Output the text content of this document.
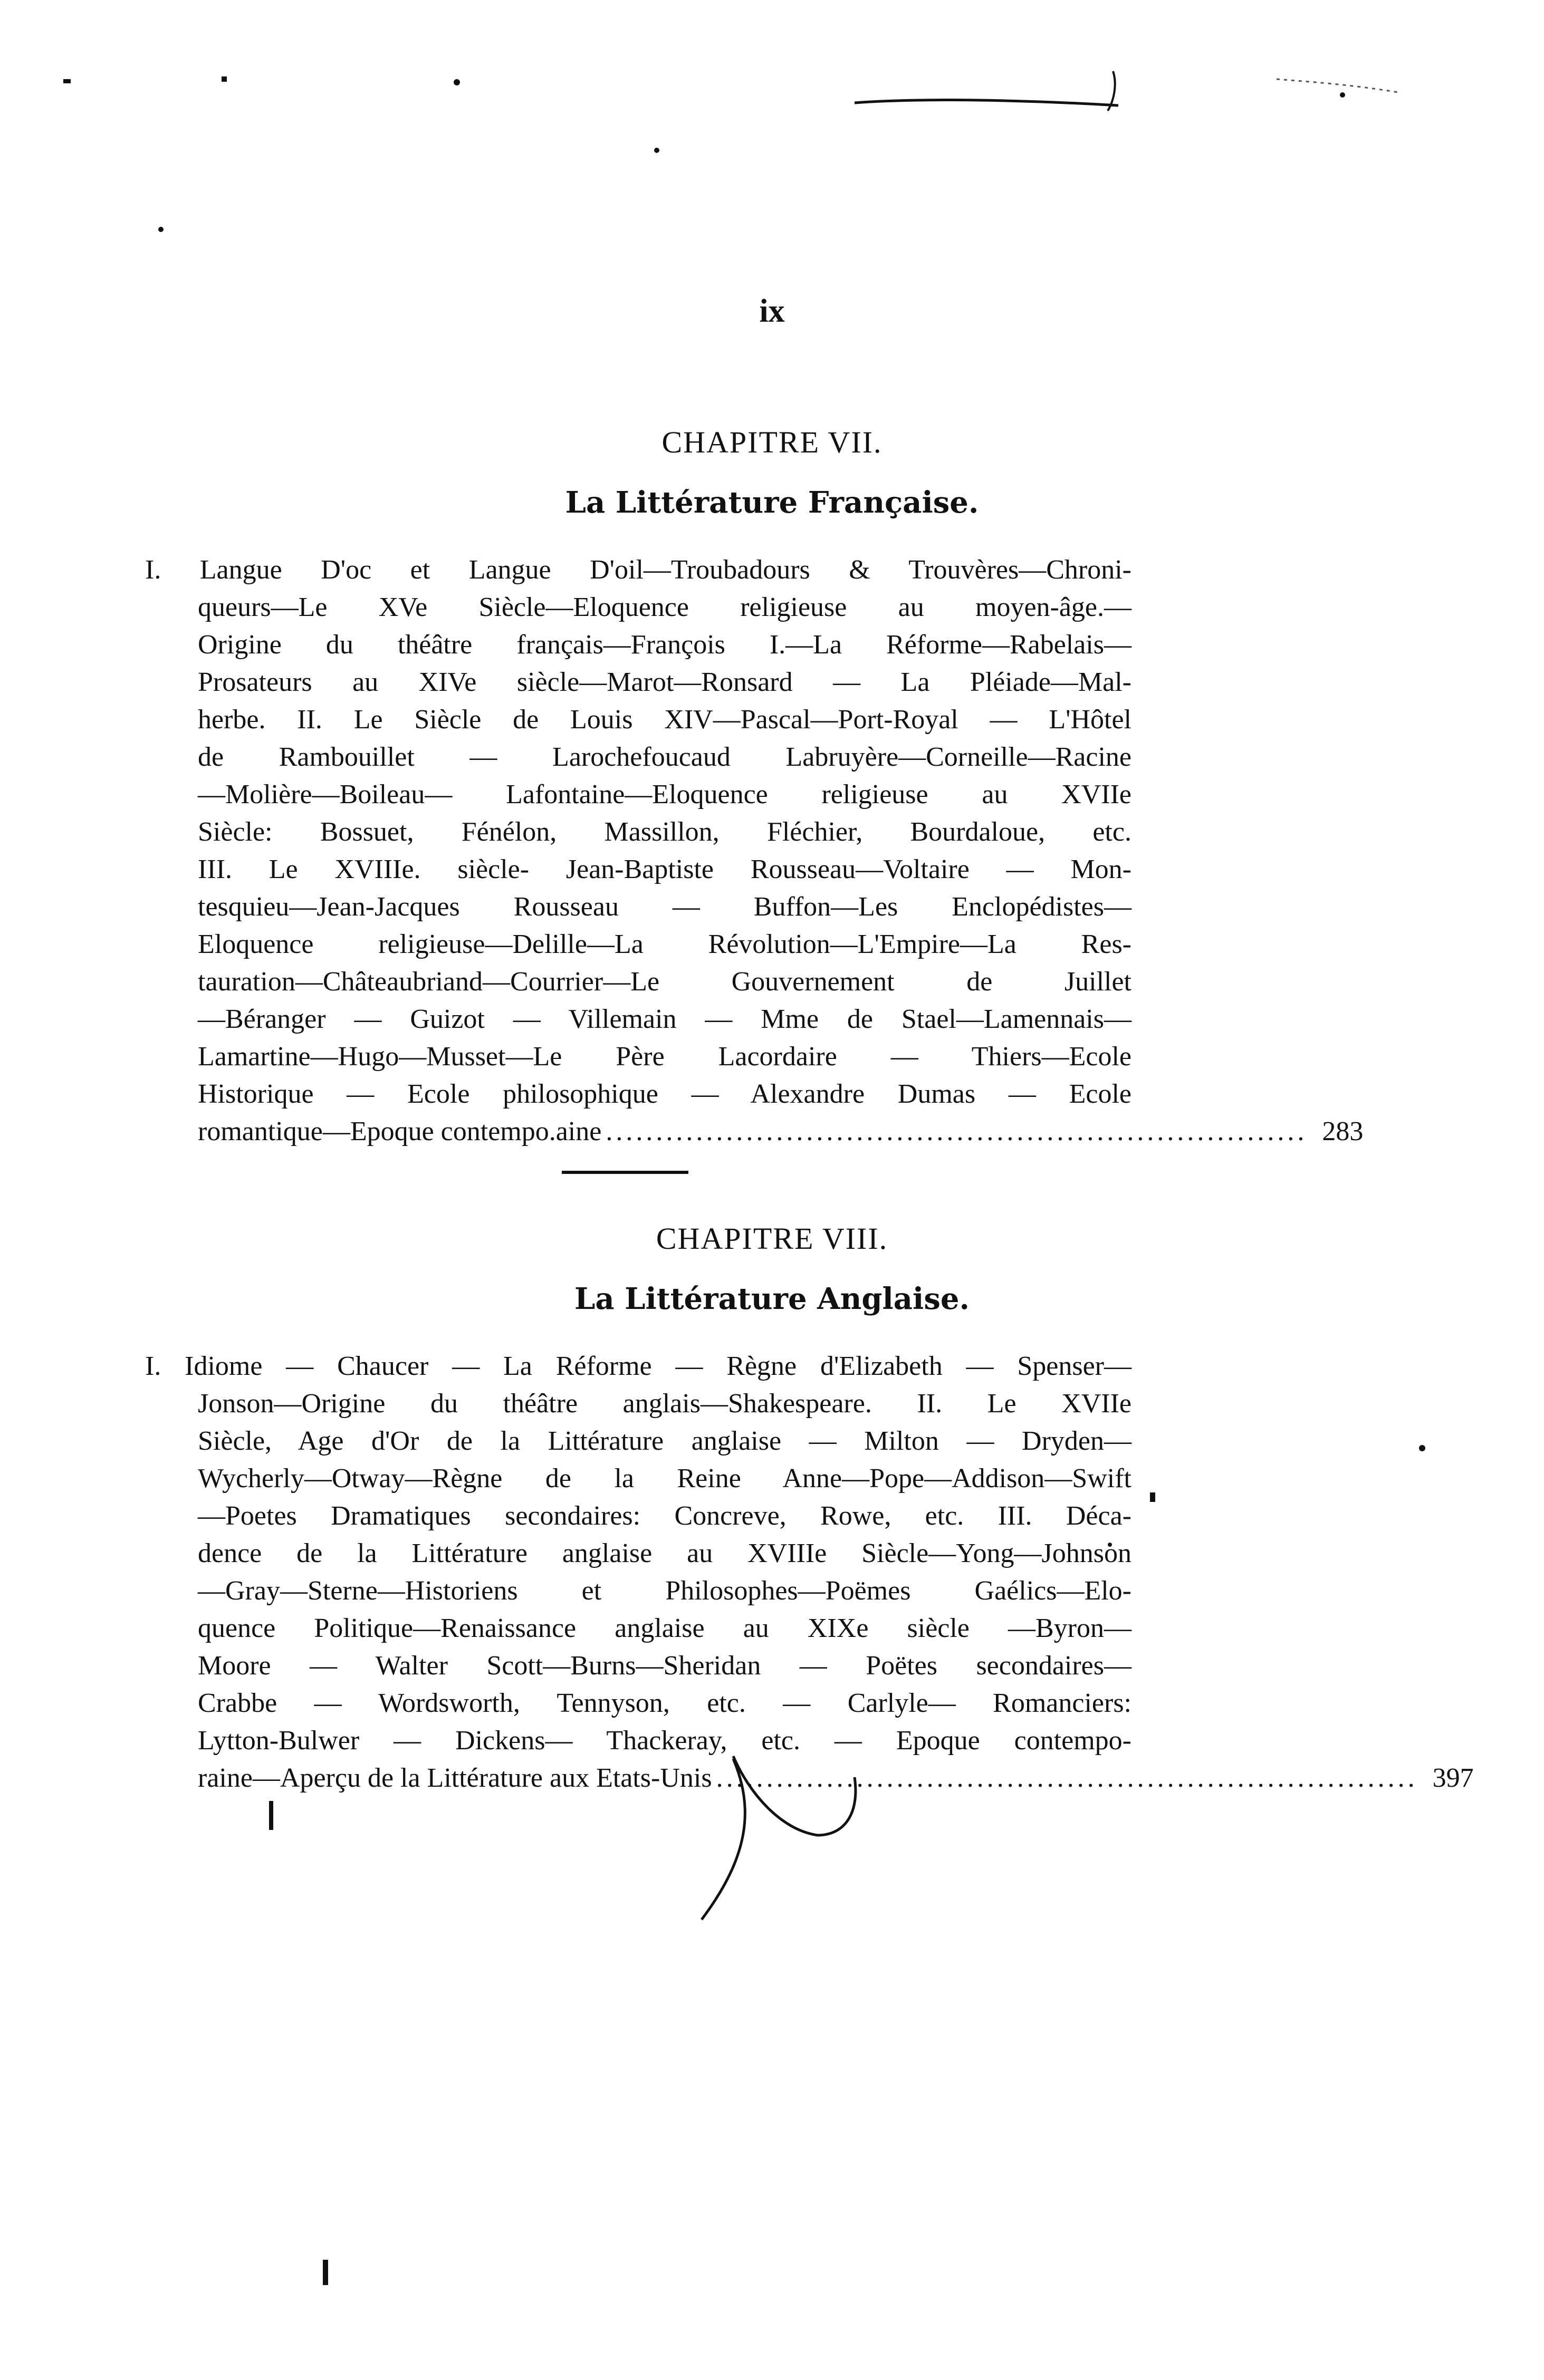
ix
CHAPITRE VII.
La Littérature Française.
I. Langue D'oc et Langue D'oil—Troubadours & Trouvères—Chroni-
queurs—Le XVe Siècle—Eloquence religieuse au moyen-âge.—
Origine du théâtre français—François I.—La Réforme—Rabelais—
Prosateurs au XIVe siècle—Marot—Ronsard — La Pléiade—Mal-
herbe. II. Le Siècle de Louis XIV—Pascal—Port-Royal — L'Hôtel
de Rambouillet — Larochefoucaud Labruyère—Corneille—Racine
—Molière—Boileau— Lafontaine—Eloquence religieuse au XVIIe
Siècle: Bossuet, Fénélon, Massillon, Fléchier, Bourdaloue, etc.
III. Le XVIIIe. siècle- Jean-Baptiste Rousseau—Voltaire — Mon-
tesquieu—Jean-Jacques Rousseau — Buffon—Les Enclopédistes—
Eloquence religieuse—Delille—La Révolution—L'Empire—La Res-
tauration—Châteaubriand—Courrier—Le Gouvernement de Juillet
—Béranger — Guizot — Villemain — Mme de Stael—Lamennais—
Lamartine—Hugo—Musset—Le Père Lacordaire — Thiers—Ecole
Historique — Ecole philosophique — Alexandre Dumas — Ecole
romantique—Epoque contempo.aine ...................................................................... 283
CHAPITRE VIII.
La Littérature Anglaise.
I. Idiome — Chaucer — La Réforme — Règne d'Elizabeth — Spenser—
Jonson—Origine du théâtre anglais—Shakespeare. II. Le XVIIe
Siècle, Age d'Or de la Littérature anglaise — Milton — Dryden—
Wycherly—Otway—Règne de la Reine Anne—Pope—Addison—Swift
—Poetes Dramatiques secondaires: Concreve, Rowe, etc. III. Déca-
dence de la Littérature anglaise au XVIIIe Siècle—Yong—Johnson
—Gray—Sterne—Historiens et Philosophes—Poëmes Gaélics—Elo-
quence Politique—Renaissance anglaise au XIXe siècle —Byron—
Moore — Walter Scott—Burns—Sheridan — Poëtes secondaires—
Crabbe — Wordsworth, Tennyson, etc. — Carlyle— Romanciers:
Lytton-Bulwer — Dickens— Thackeray, etc. — Epoque contempo-
raine—Aperçu de la Littérature aux Etats-Unis ...................................................................... 397
